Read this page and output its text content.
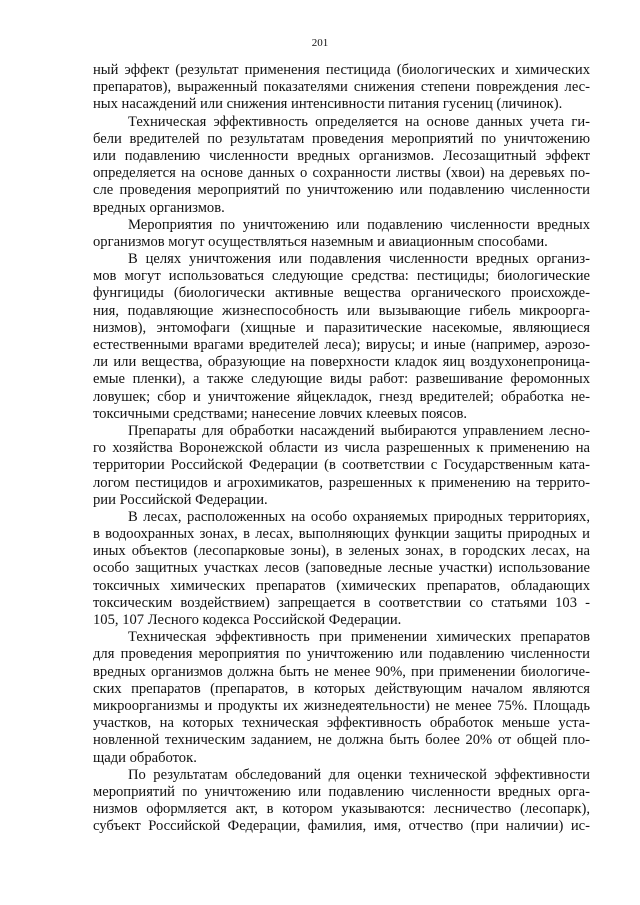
201
ный эффект (результат применения пестицида (биологических и химических
препаратов), выраженный показателями снижения степени повреждения лес-
ных насаждений или снижения интенсивности питания гусениц (личинок).
Техническая эффективность определяется на основе данных учета ги-
бели вредителей по результатам проведения мероприятий по уничтожению
или подавлению численности вредных организмов. Лесозащитный эффект
определяется на основе данных о сохранности листвы (хвои) на деревьях по-
сле проведения мероприятий по уничтожению или подавлению численности
вредных организмов.
Мероприятия по уничтожению или подавлению численности вредных
организмов могут осуществляться наземным и авиационным способами.
В целях уничтожения или подавления численности вредных организ-
мов могут использоваться следующие средства: пестициды; биологические
фунгициды (биологически активные вещества органического происхожде-
ния, подавляющие жизнеспособность или вызывающие гибель микроорга-
низмов), энтомофаги (хищные и паразитические насекомые, являющиеся
естественными врагами вредителей леса); вирусы; и иные (например, аэрозо-
ли или вещества, образующие на поверхности кладок яиц воздухонепроница-
емые пленки), а также следующие виды работ: развешивание феромонных
ловушек; сбор и уничтожение яйцекладок, гнезд вредителей; обработка не-
токсичными средствами; нанесение ловчих клеевых поясов.
Препараты для обработки насаждений выбираются управлением лесно-
го хозяйства Воронежской области из числа разрешенных к применению на
территории Российской Федерации (в соответствии с Государственным ката-
логом пестицидов и агрохимикатов, разрешенных к применению на террито-
рии Российской Федерации.
В лесах, расположенных на особо охраняемых природных территориях,
в водоохранных зонах, в лесах, выполняющих функции защиты природных и
иных объектов (лесопарковые зоны), в зеленых зонах, в городских лесах, на
особо защитных участках лесов (заповедные лесные участки) использование
токсичных химических препаратов (химических препаратов, обладающих
токсическим воздействием) запрещается в соответствии со статьями 103 -
105, 107 Лесного кодекса Российской Федерации.
Техническая эффективность при применении химических препаратов
для проведения мероприятия по уничтожению или подавлению численности
вредных организмов должна быть не менее 90%, при применении биологиче-
ских препаратов (препаратов, в которых действующим началом являются
микроорганизмы и продукты их жизнедеятельности) не менее 75%. Площадь
участков, на которых техническая эффективность обработок меньше уста-
новленной техническим заданием, не должна быть более 20% от общей пло-
щади обработок.
По результатам обследований для оценки технической эффективности
мероприятий по уничтожению или подавлению численности вредных орга-
низмов оформляется акт, в котором указываются: лесничество (лесопарк),
субъект Российской Федерации, фамилия, имя, отчество (при наличии) ис-
